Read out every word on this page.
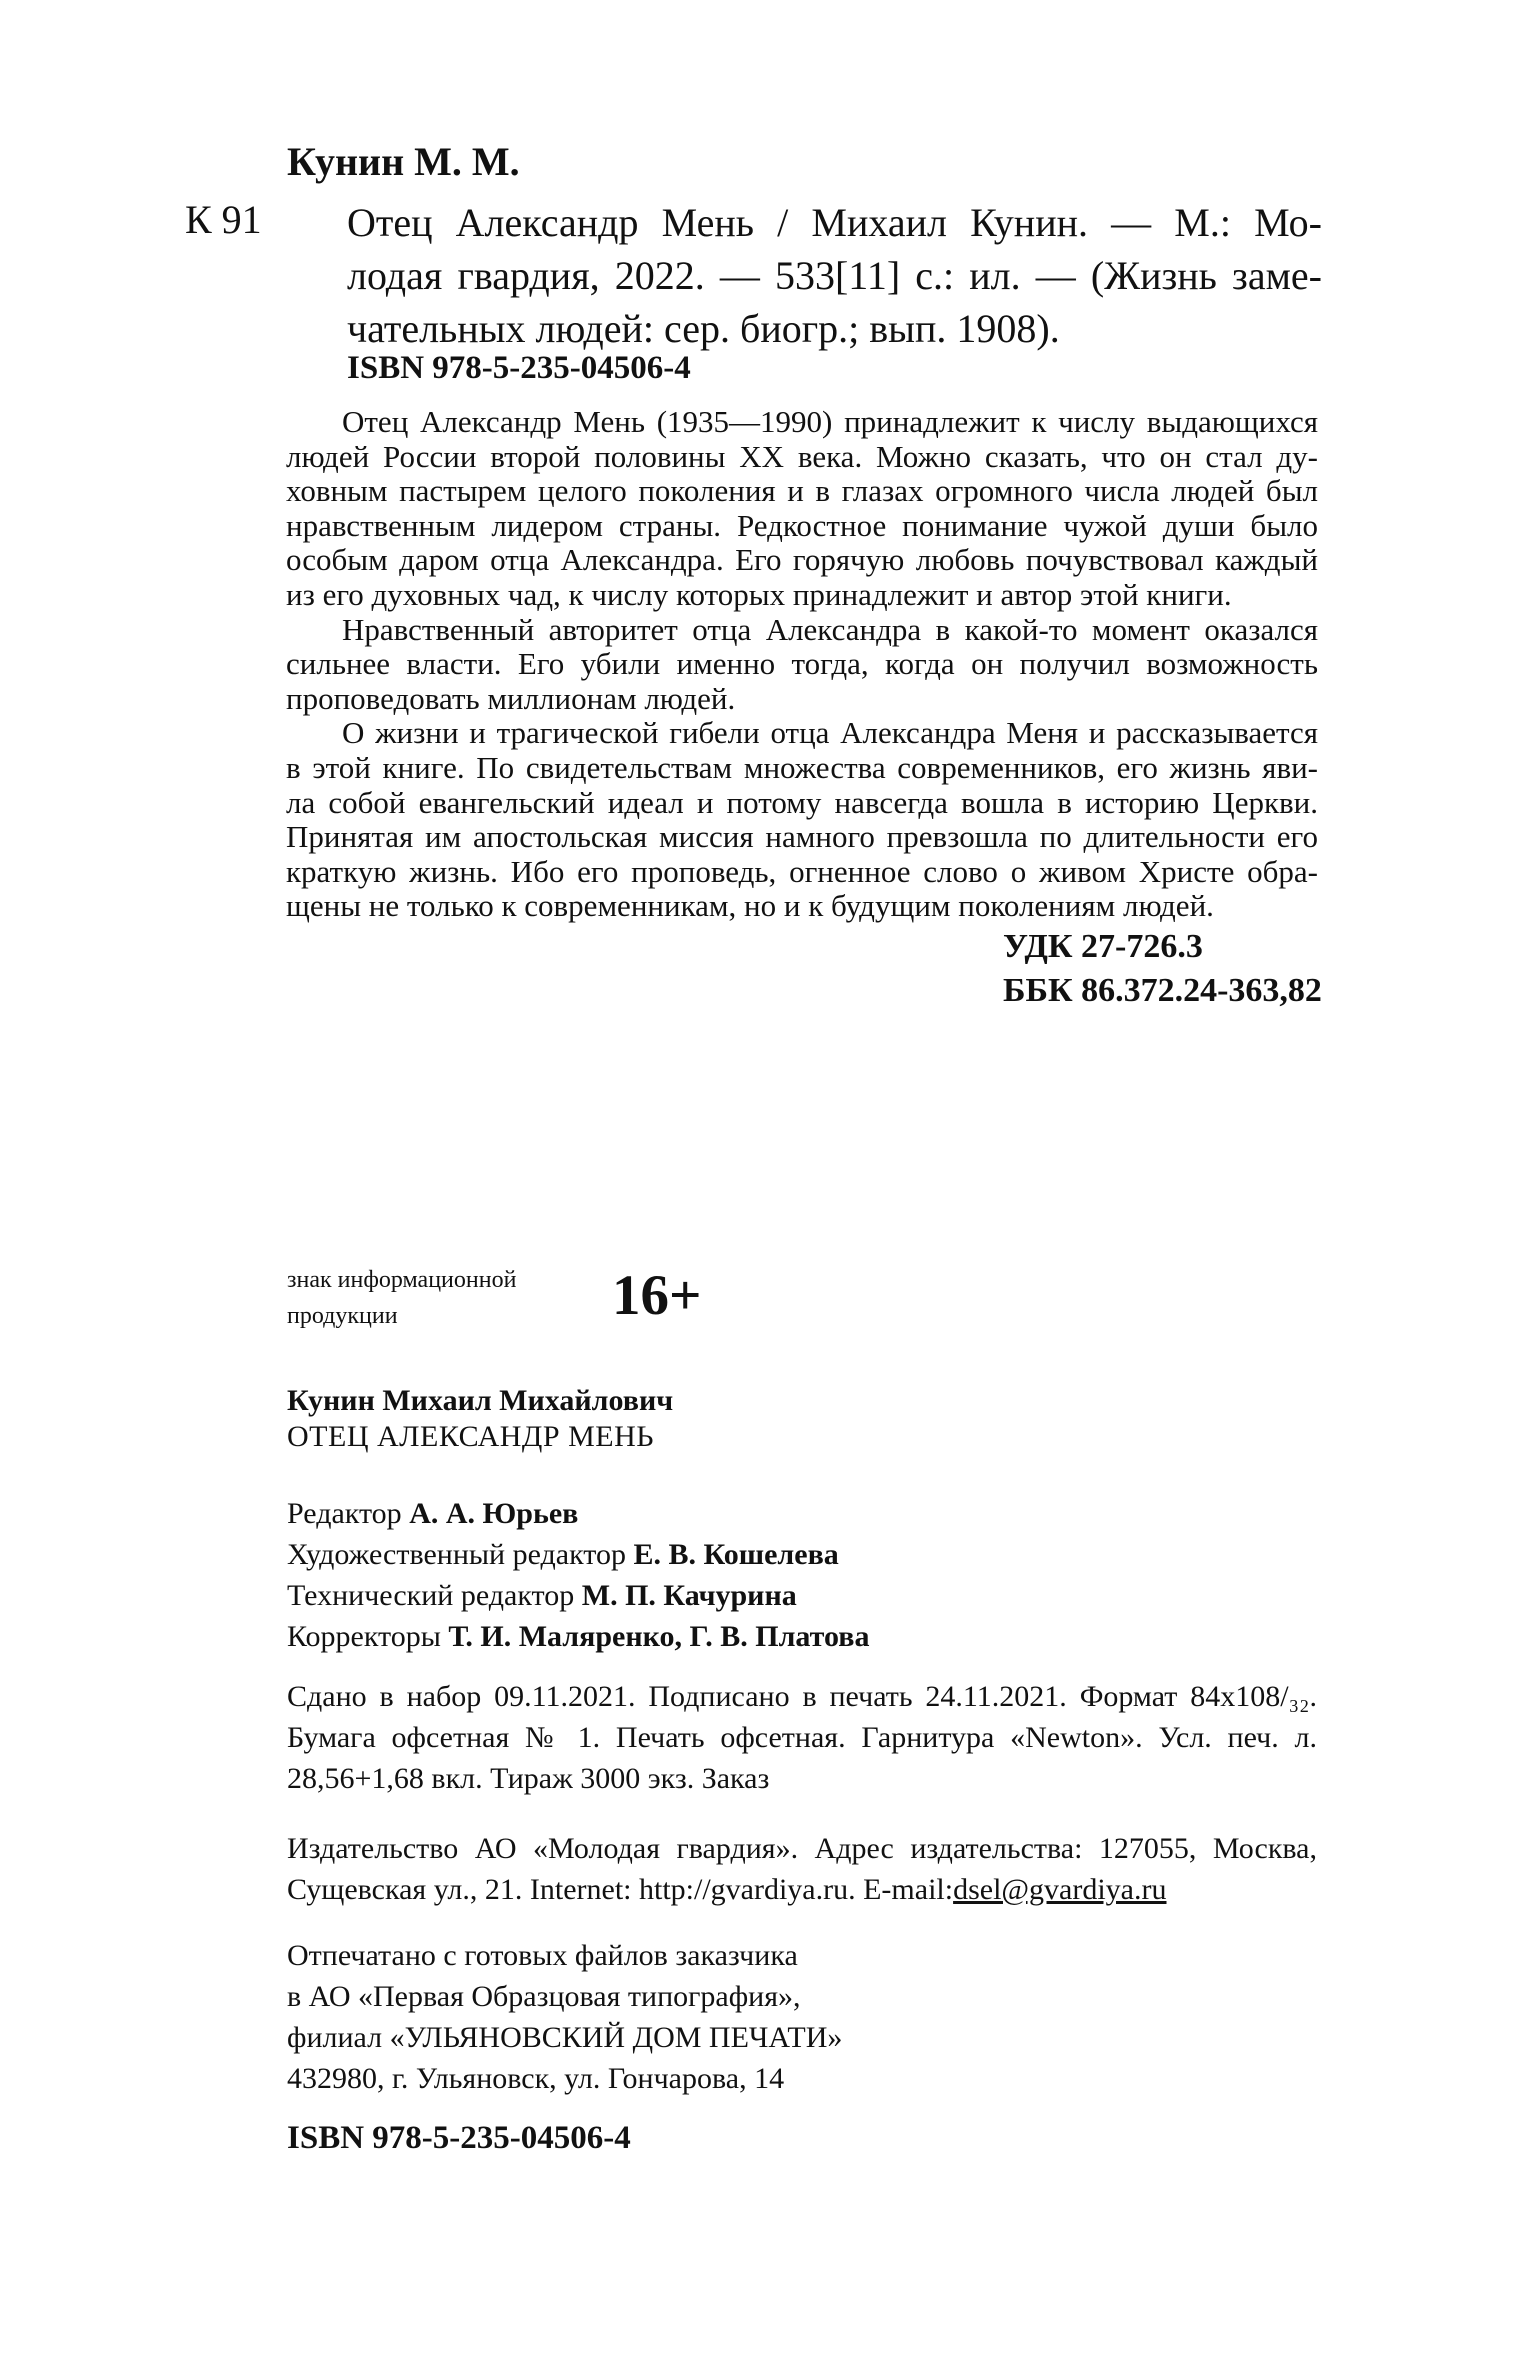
Кунин М. М.
К 91 Отец Александр Мень / Михаил Кунин. — М.: Мо-
лодая гвардия, 2022. — 533[11] с.: ил. — (Жизнь заме-
чательных людей: сер. биогр.; вып. 1908).
ISBN 978-5-235-04506-4
Отец Александр Мень (1935—1990) принадлежит к числу выдающихся
людей России второй половины XX века. Можно сказать, что он стал ду-
ховным пастырем целого поколения и в глазах огромного числа людей был
нравственным лидером страны. Редкостное понимание чужой души было
особым даром отца Александра. Его горячую любовь почувствовал каждый
из его духовных чад, к числу которых принадлежит и автор этой книги.
Нравственный авторитет отца Александра в какой-то момент оказался
сильнее власти. Его убили именно тогда, когда он получил возможность
проповедовать миллионам людей.
О жизни и трагической гибели отца Александра Меня и рассказывается
в этой книге. По свидетельствам множества современников, его жизнь яви-
ла собой евангельский идеал и потому навсегда вошла в историю Церкви.
Принятая им апостольская миссия намного превзошла по длительности его
краткую жизнь. Ибо его проповедь, огненное слово о живом Христе обра-
щены не только к современникам, но и к будущим поколениям людей.
УДК 27-726.3
ББК 86.372.24-363,82
знак информационной
продукции	16+
Кунин Михаил Михайлович
ОТЕЦ АЛЕКСАНДР МЕНЬ
Редактор А. А. Юрьев
Художественный редактор Е. В. Кошелева
Технический редактор М. П. Качурина
Корректоры Т. И. Маляренко, Г. В. Платова
Сдано в набор 09.11.2021. Подписано в печать 24.11.2021. Формат 84x108/₃₂.
Бумага офсетная № 1. Печать офсетная. Гарнитура «Newton». Усл. печ. л.
28,56+1,68 вкл. Тираж 3000 экз. Заказ
Издательство АО «Молодая гвардия». Адрес издательства: 127055, Москва,
Сущевская ул., 21. Internet: http://gvardiya.ru. E-mail:dsel@gvardiya.ru
Отпечатано с готовых файлов заказчика
в АО «Первая Образцовая типография»,
филиал «УЛЬЯНОВСКИЙ ДОМ ПЕЧАТИ»
432980, г. Ульяновск, ул. Гончарова, 14
ISBN 978-5-235-04506-4
